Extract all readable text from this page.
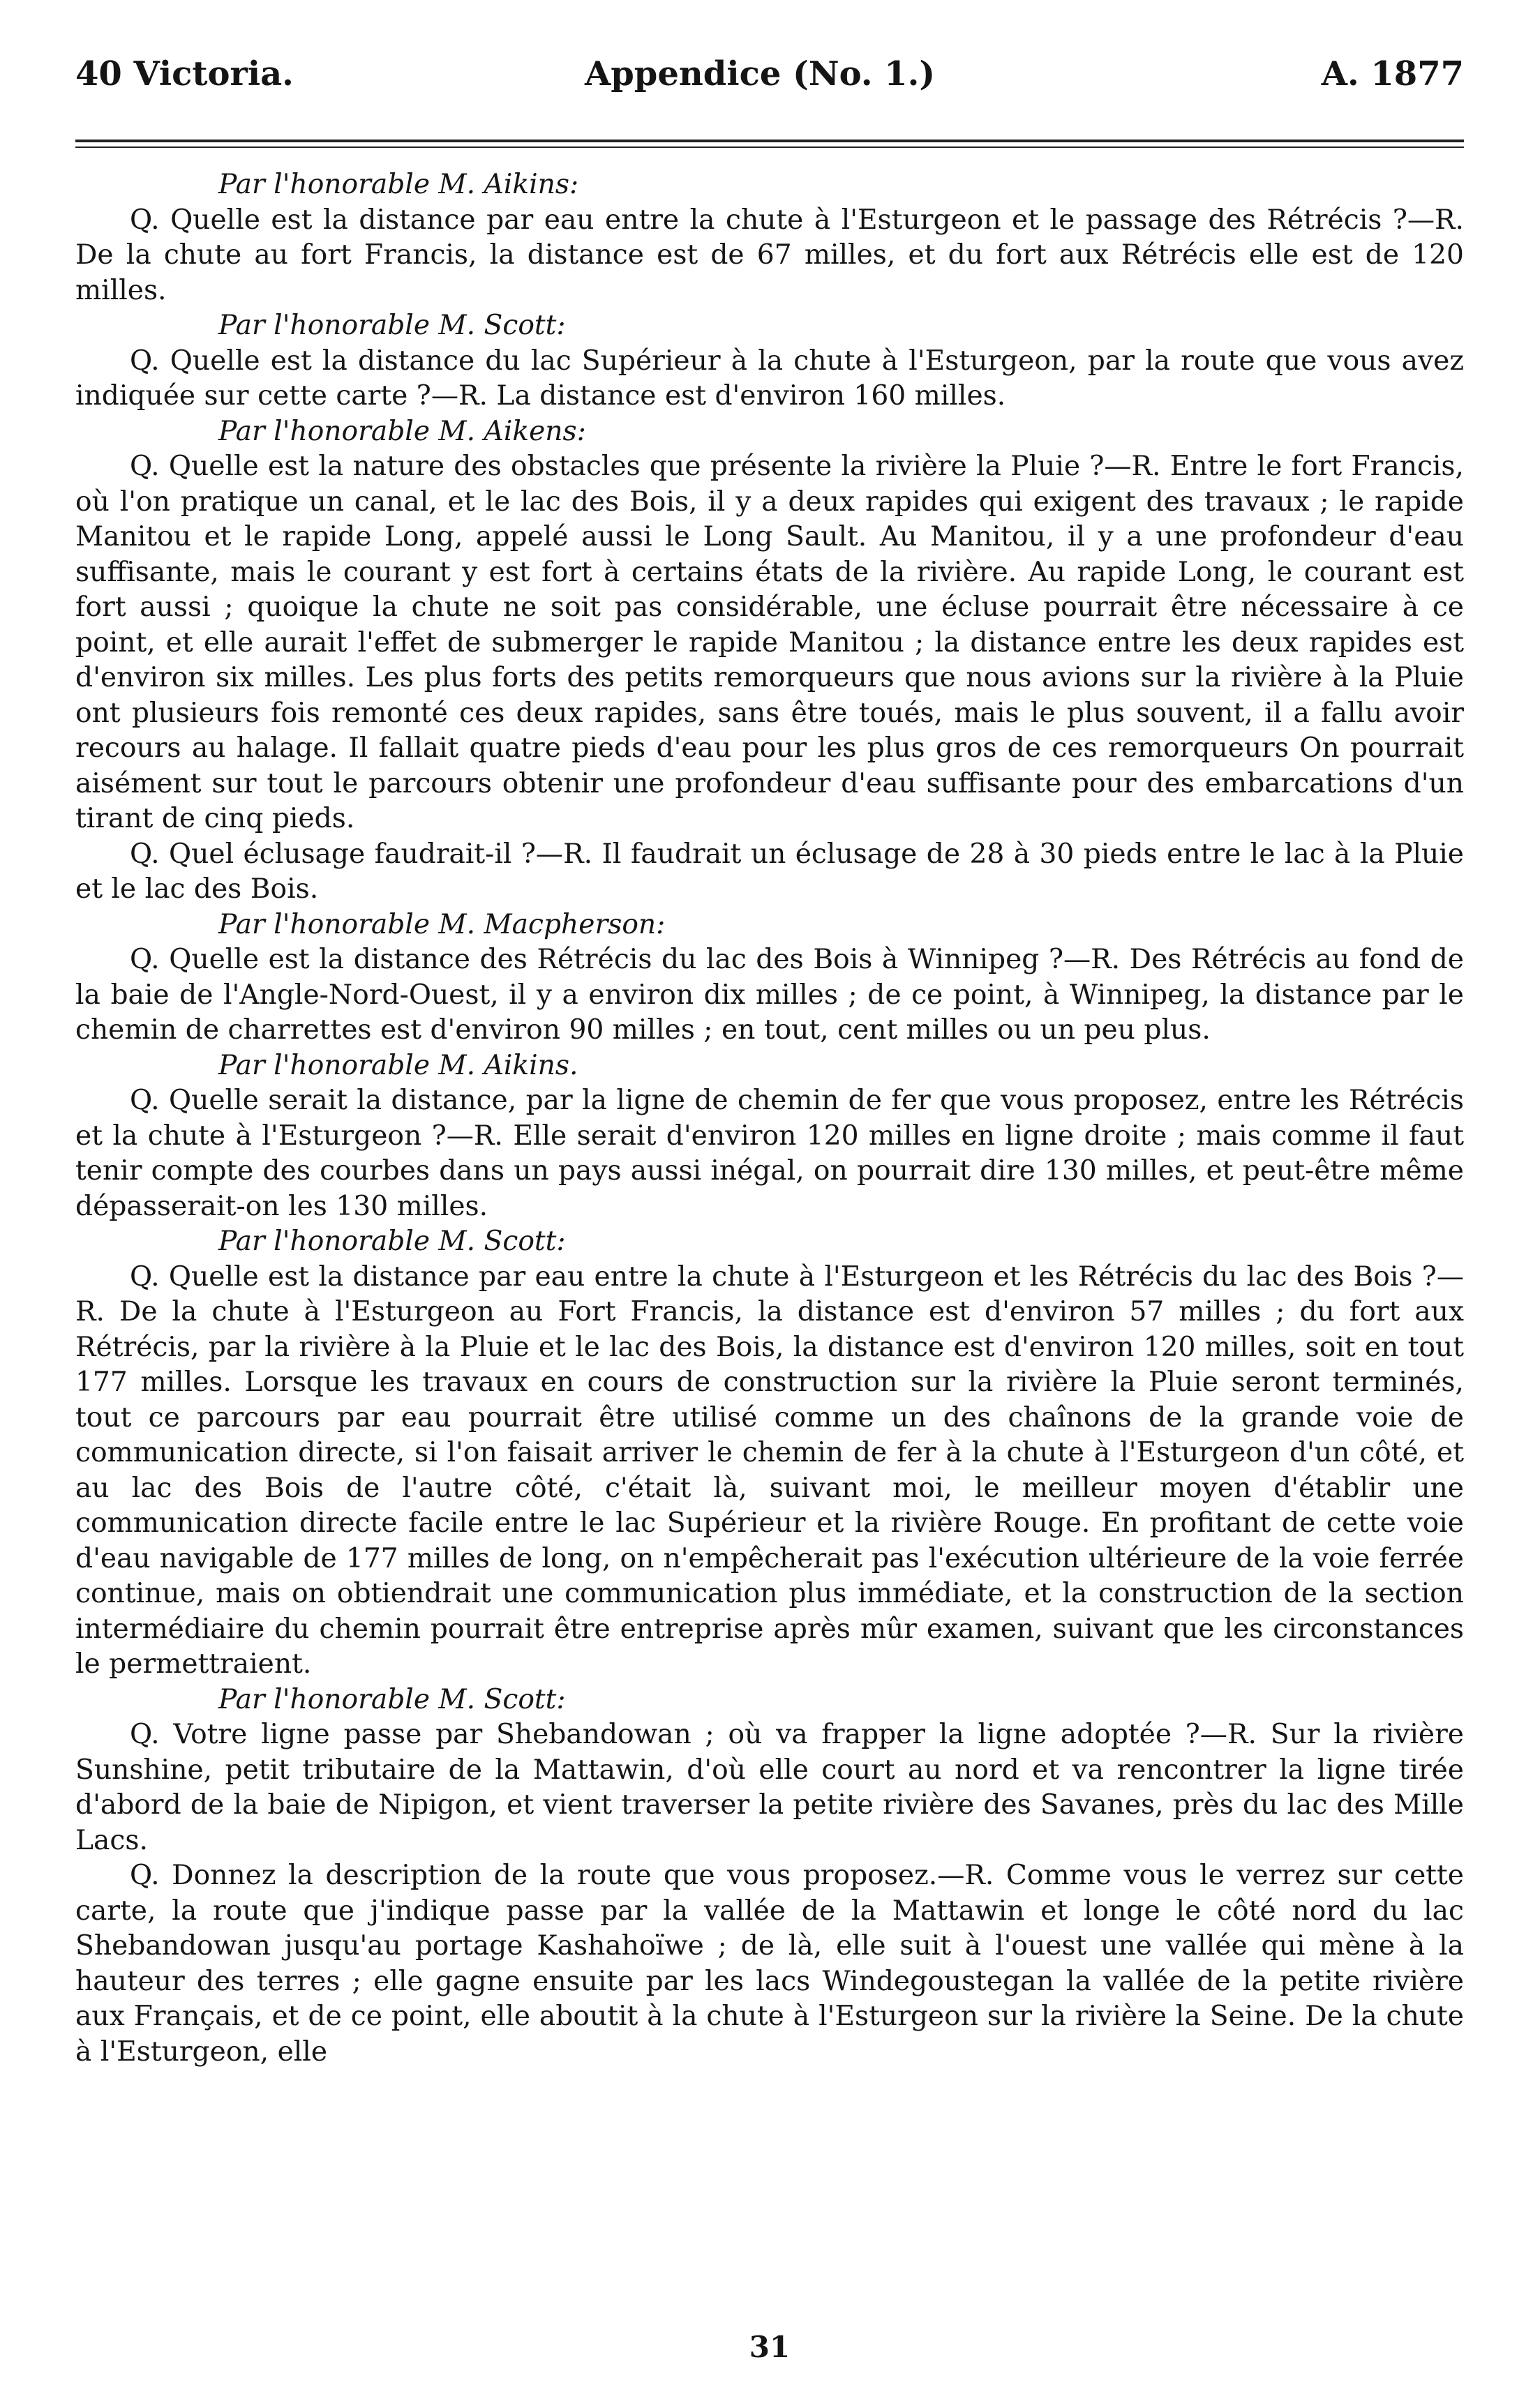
40 Victoria.	Appendice (No. 1.)	A. 1877

Par l'honorable M. Aikins:

Q. Quelle est la distance par eau entre la chute à l'Esturgeon et le passage des Rétrécis ?—R. De la chute au fort Francis, la distance est de 67 milles, et du fort aux Rétrécis elle est de 120 milles.

Par l'honorable M. Scott:

Q. Quelle est la distance du lac Supérieur à la chute à l'Esturgeon, par la route que vous avez indiquée sur cette carte ?—R. La distance est d'environ 160 milles.

Par l'honorable M. Aikens:

Q. Quelle est la nature des obstacles que présente la rivière la Pluie ?—R. Entre le fort Francis, où l'on pratique un canal, et le lac des Bois, il y a deux rapides qui exigent des travaux ; le rapide Manitou et le rapide Long, appelé aussi le Long Sault. Au Manitou, il y a une profondeur d'eau suffisante, mais le courant y est fort à certains états de la rivière. Au rapide Long, le courant est fort aussi ; quoique la chute ne soit pas considérable, une écluse pourrait être nécessaire à ce point, et elle aurait l'effet de submerger le rapide Manitou ; la distance entre les deux rapides est d'environ six milles. Les plus forts des petits remorqueurs que nous avions sur la rivière à la Pluie ont plusieurs fois remonté ces deux rapides, sans être toués, mais le plus souvent, il a fallu avoir recours au halage. Il fallait quatre pieds d'eau pour les plus gros de ces remorqueurs On pourrait aisément sur tout le parcours obtenir une profondeur d'eau suffisante pour des embarcations d'un tirant de cinq pieds.

Q. Quel éclusage faudrait-il ?—R. Il faudrait un éclusage de 28 à 30 pieds entre le lac à la Pluie et le lac des Bois.

Par l'honorable M. Macpherson:

Q. Quelle est la distance des Rétrécis du lac des Bois à Winnipeg ?—R. Des Rétrécis au fond de la baie de l'Angle-Nord-Ouest, il y a environ dix milles ; de ce point, à Winnipeg, la distance par le chemin de charrettes est d'environ 90 milles ; en tout, cent milles ou un peu plus.

Par l'honorable M. Aikins.

Q. Quelle serait la distance, par la ligne de chemin de fer que vous proposez, entre les Rétrécis et la chute à l'Esturgeon ?—R. Elle serait d'environ 120 milles en ligne droite ; mais comme il faut tenir compte des courbes dans un pays aussi inégal, on pourrait dire 130 milles, et peut-être même dépasserait-on les 130 milles.

Par l'honorable M. Scott:

Q. Quelle est la distance par eau entre la chute à l'Esturgeon et les Rétrécis du lac des Bois ?—R. De la chute à l'Esturgeon au Fort Francis, la distance est d'environ 57 milles ; du fort aux Rétrécis, par la rivière à la Pluie et le lac des Bois, la distance est d'environ 120 milles, soit en tout 177 milles. Lorsque les travaux en cours de construction sur la rivière la Pluie seront terminés, tout ce parcours par eau pourrait être utilisé comme un des chaînons de la grande voie de communication directe, si l'on faisait arriver le chemin de fer à la chute à l'Esturgeon d'un côté, et au lac des Bois de l'autre côté, c'était là, suivant moi, le meilleur moyen d'établir une communication directe facile entre le lac Supérieur et la rivière Rouge. En profitant de cette voie d'eau navigable de 177 milles de long, on n'empêcherait pas l'exécution ultérieure de la voie ferrée continue, mais on obtiendrait une communication plus immédiate, et la construction de la section intermédiaire du chemin pourrait être entreprise après mûr examen, suivant que les circonstances le permettraient.

Par l'honorable M. Scott:

Q. Votre ligne passe par Shebandowan ; où va frapper la ligne adoptée ?—R. Sur la rivière Sunshine, petit tributaire de la Mattawin, d'où elle court au nord et va rencontrer la ligne tirée d'abord de la baie de Nipigon, et vient traverser la petite rivière des Savanes, près du lac des Mille Lacs.

Q. Donnez la description de la route que vous proposez.—R. Comme vous le verrez sur cette carte, la route que j'indique passe par la vallée de la Mattawin et longe le côté nord du lac Shebandowan jusqu'au portage Kashahoïwe ; de là, elle suit à l'ouest une vallée qui mène à la hauteur des terres ; elle gagne ensuite par les lacs Windegoustegan la vallée de la petite rivière aux Français, et de ce point, elle aboutit à la chute à l'Esturgeon sur la rivière la Seine. De la chute à l'Esturgeon, elle

31
